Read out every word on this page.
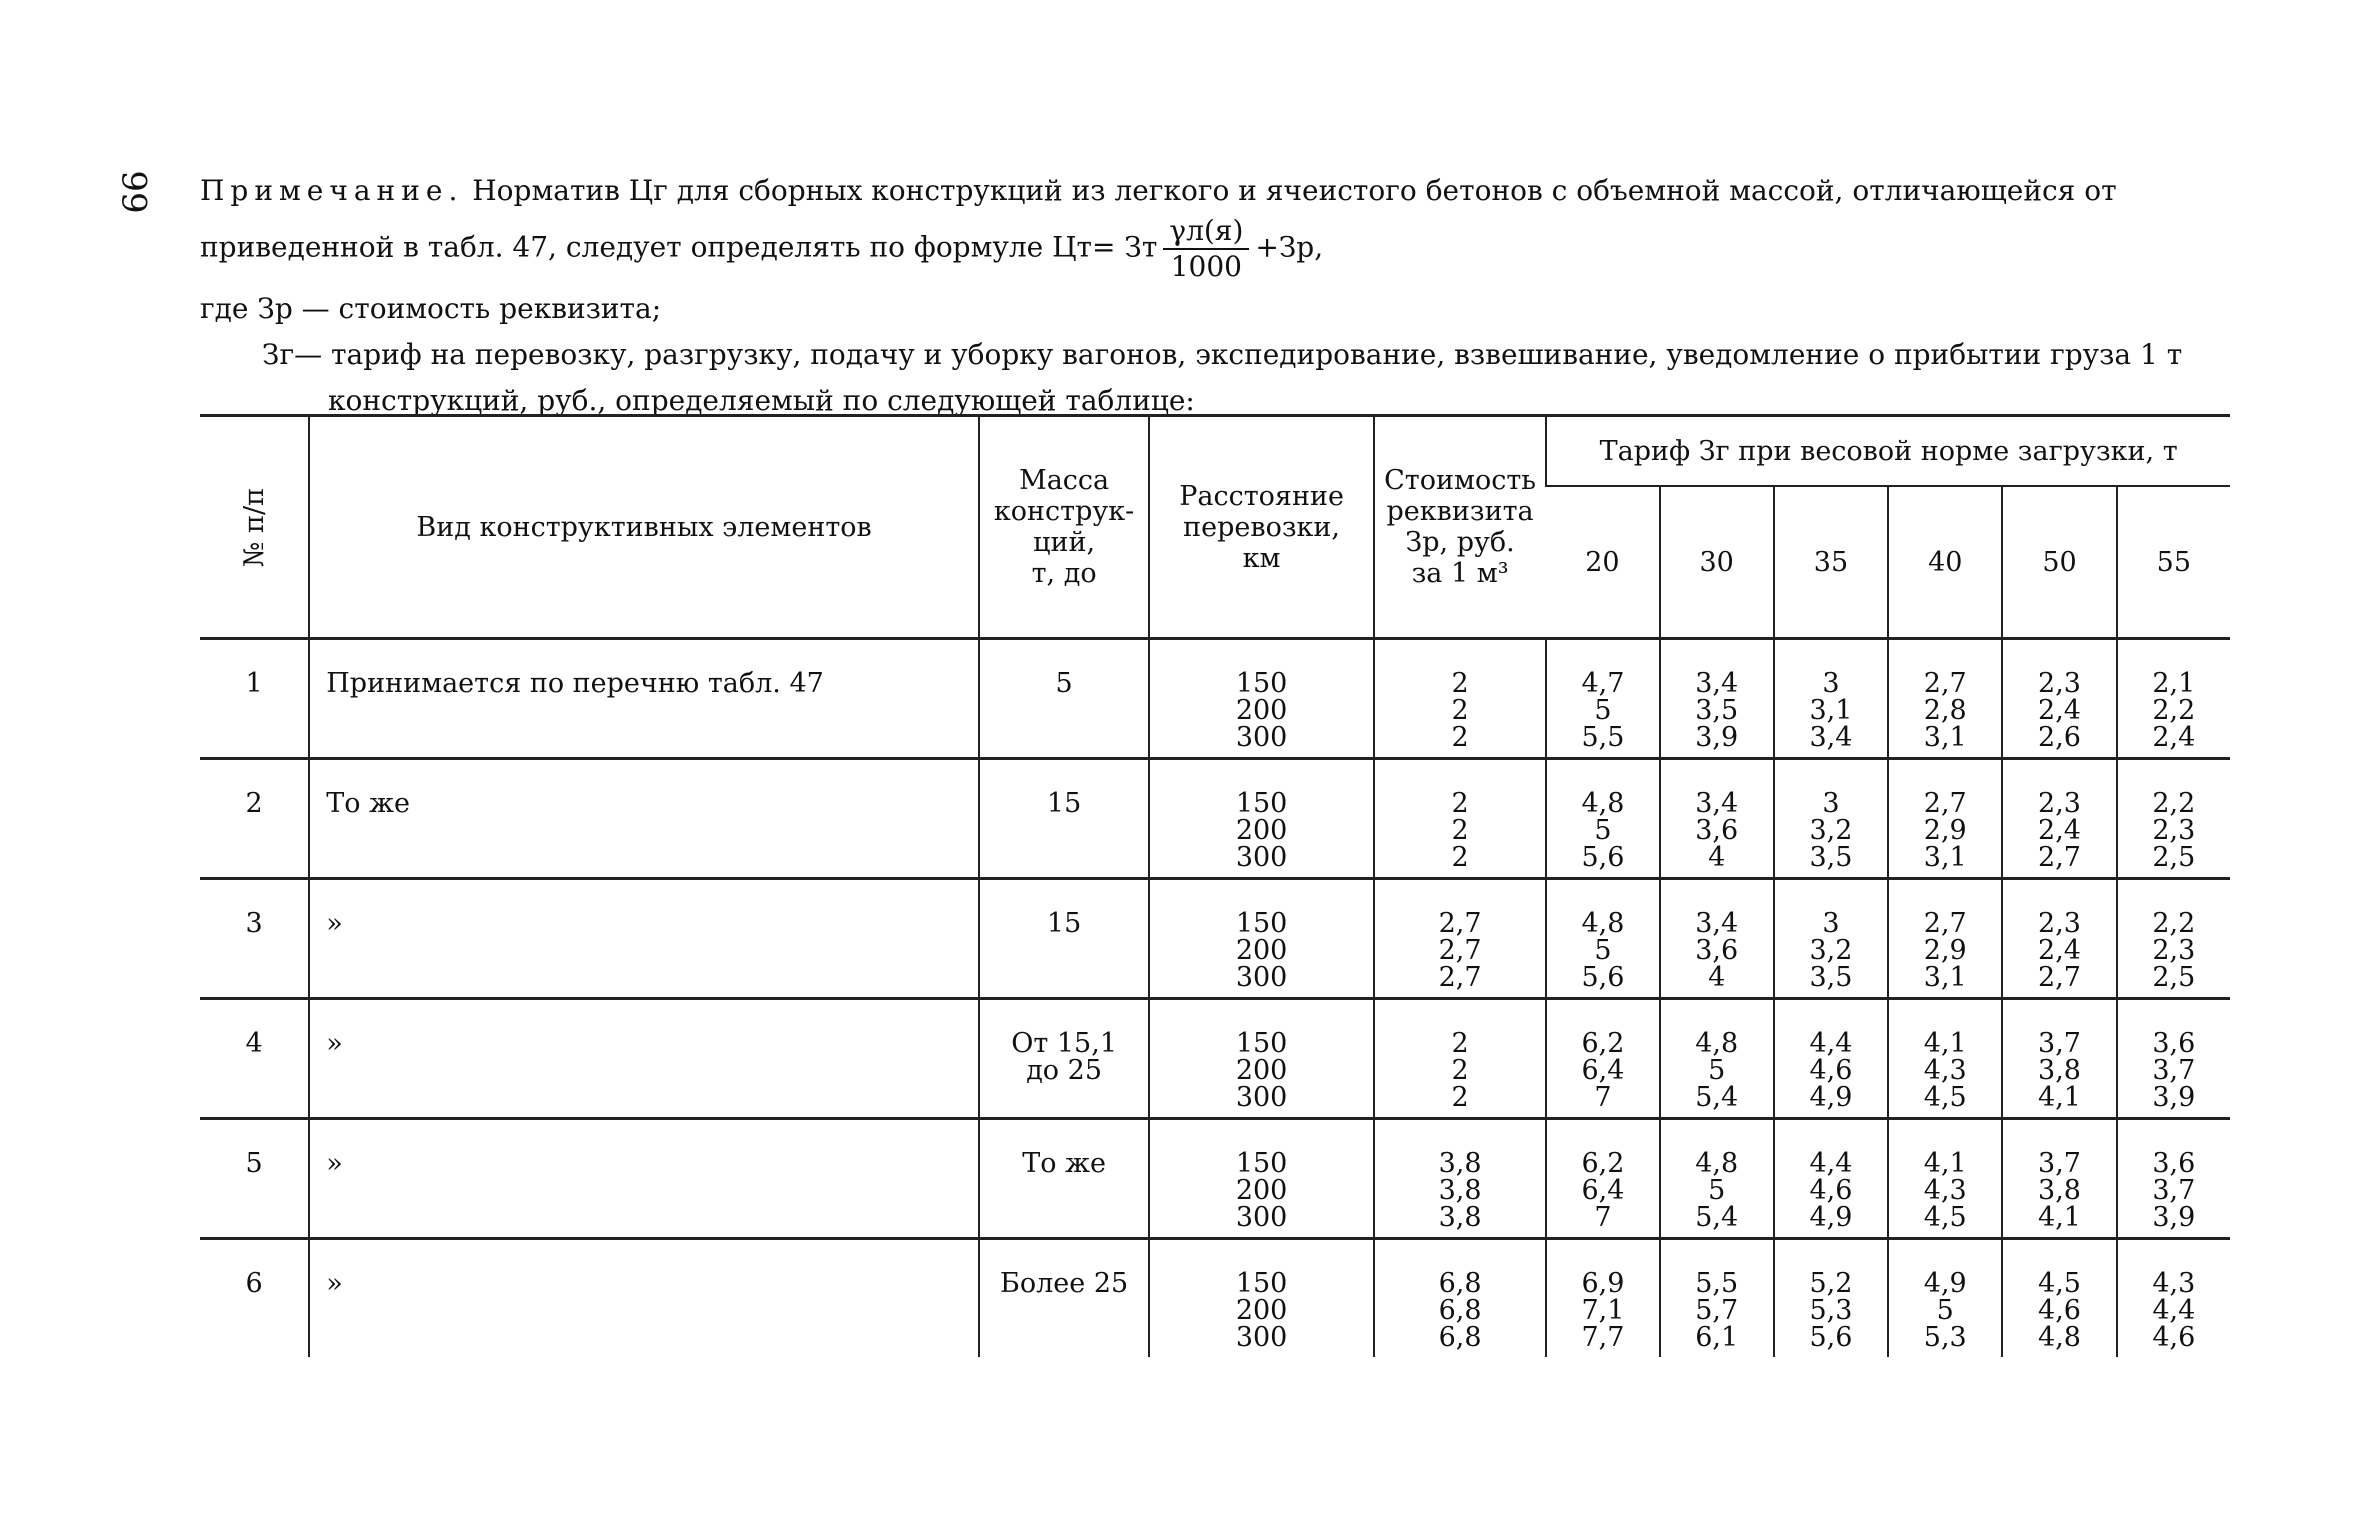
99 Примечание. Норматив Цг для сборных конструкций из легкого и ячеистого бетонов с объемной массой, отличающейся от

приведенной в табл. 47, следует определять по формуле Цт= Зт $\frac{\gamma л(я)}{1000} +Зр$,

где Зр — стоимость реквизита;

Зг— тариф на перевозку, разгрузку, подачу и уборку вагонов, экспедирование, взвешивание, уведомление о прибытии груза 1 т

конструкций, руб., определяемый по следующей таблице:

№ п/п	Вид конструктивных элементов	Масса
конструк-
ций,
т, до	Расстояние
перевозки,
км	Стоимость
реквизита
Зр, руб.
за 1 м³	Тариф Зг при весовой норме загрузки, т					
					20	30	35	40	50	55
1	Принимается по перечню табл. 47	5	150
200
300	2
2
2	4,7
5
5,5	3,4
3,5
3,9	3
3,1
3,4	2,7
2,8
3,1	2,3
2,4
2,6	2,1
2,2
2,4

2	То же	15	150
200
300	2
2
2	4,8
5
5,6	3,4
3,6
4	3
3,2
3,5	2,7
2,9
3,1	2,3
2,4
2,7	2,2
2,3
2,5

3	»	15	150
200
300	2,7
2,7
2,7	4,8
5
5,6	3,4
3,6
4	3
3,2
3,5	2,7
2,9
3,1	2,3
2,4
2,7	2,2
2,3
2,5

4	»	От 15,1
до 25	150
200
300	2
2
2	6,2
6,4
7	4,8
5
5,4	4,4
4,6
4,9	4,1
4,3
4,5	3,7
3,8
4,1	3,6
3,7
3,9

5	»	То же	150
200
300	3,8
3,8
3,8	6,2
6,4
7	4,8
5
5,4	4,4
4,6
4,9	4,1
4,3
4,5	3,7
3,8
4,1	3,6
3,7
3,9

6	»	Более 25	150
200
300	6,8
6,8
6,8	6,9
7,1
7,7	5,5
5,7
6,1	5,2
5,3
5,6	4,9
5
5,3	4,5
4,6
4,8	4,3
4,4
4,6
